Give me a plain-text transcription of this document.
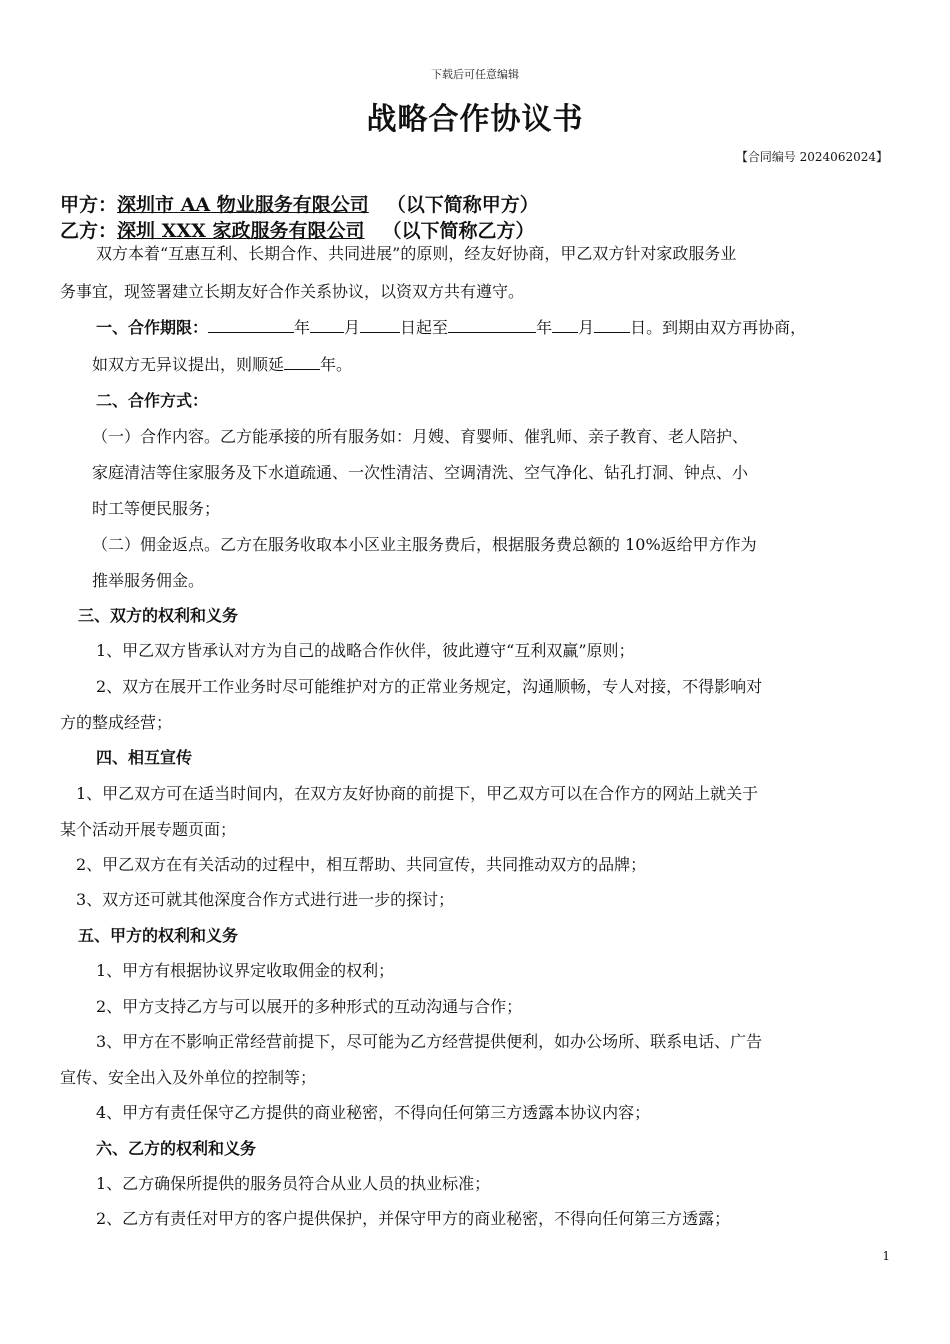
下载后可任意编辑
战略合作协议书
【合同编号 2024062024】
甲方：深圳市 AA 物业服务有限公司 （以下简称甲方）
乙方：深圳 XXX 家政服务有限公司 （以下简称乙方）
双方本着“互惠互利、长期合作、共同进展”的原则，经友好协商，甲乙双方针对家政服务业
务事宜，现签署建立长期友好合作关系协议，以资双方共有遵守。
一、合作期限：	年 月	日起至	年 月 日。到期由双方再协商，
如双方无异议提出，则顺延 年。
二、合作方式：
（一）合作内容。乙方能承接的所有服务如：月嫂、育婴师、催乳师、亲子教育、老人陪护、
家庭清洁等住家服务及下水道疏通、一次性清洁、空调清洗、空气净化、钻孔打洞、钟点、小
时工等便民服务；
（二）佣金返点。乙方在服务收取本小区业主服务费后，根据服务费总额的 10%返给甲方作为
推举服务佣金。
三、双方的权利和义务
1、甲乙双方皆承认对方为自己的战略合作伙伴，彼此遵守“互利双赢”原则；
2、双方在展开工作业务时尽可能维护对方的正常业务规定，沟通顺畅，专人对接，不得影响对
方的整成经营；
四、相互宣传
1、甲乙双方可在适当时间内，在双方友好协商的前提下，甲乙双方可以在合作方的网站上就关于
某个活动开展专题页面；
2、甲乙双方在有关活动的过程中，相互帮助、共同宣传，共同推动双方的品牌；
3、双方还可就其他深度合作方式进行进一步的探讨；
五、甲方的权利和义务
1、甲方有根据协议界定收取佣金的权利；
2、甲方支持乙方与可以展开的多种形式的互动沟通与合作；
3、甲方在不影响正常经营前提下，尽可能为乙方经营提供便利，如办公场所、联系电话、广告
宣传、安全出入及外单位的控制等；
4、甲方有责任保守乙方提供的商业秘密，不得向任何第三方透露本协议内容；
六、乙方的权利和义务
1、乙方确保所提供的服务员符合从业人员的执业标准；
2、乙方有责任对甲方的客户提供保护，并保守甲方的商业秘密，不得向任何第三方透露；
1
